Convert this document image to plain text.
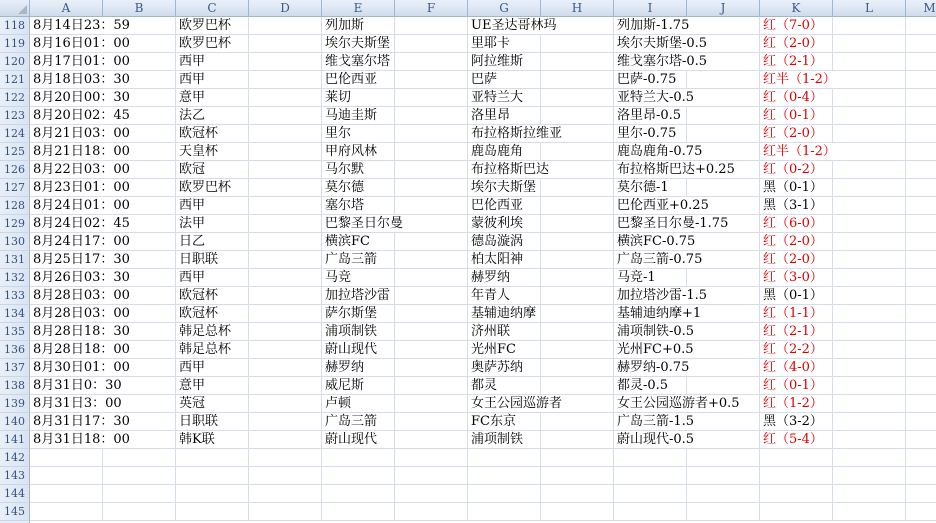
A	B	C	D	E	F	G	H	I	J	K	L	M
118 8月14日23：59	欧罗巴杯	列加斯	UE圣达哥林玛	列加斯-1.75	红（7-0）
119 8月16日01：00	欧罗巴杯	埃尔夫斯堡	里耶卡	埃尔夫斯堡-0.5	红（2-0）
120 8月17日01：00	西甲	维戈塞尔塔	阿拉维斯	维戈塞尔塔-0.5	红（2-1）
121 8月18日03：30	西甲	巴伦西亚	巴萨	巴萨-0.75	红半（1-2）
122 8月20日00：30	意甲	莱切	亚特兰大	亚特兰大-0.5	红（0-4）
123 8月20日02：45	法乙	马迪圭斯	洛里昂	洛里昂-0.5	红（0-1）
124 8月21日03：00	欧冠杯	里尔	布拉格斯拉维亚	里尔-0.75	红（2-0）
125 8月21日18：00	天皇杯	甲府风林	鹿岛鹿角	鹿岛鹿角-0.75	红半（1-2）
126 8月22日03：00	欧冠	马尔默	布拉格斯巴达	布拉格斯巴达+0.25 红（0-2）
127 8月23日01：00	欧罗巴杯	莫尔德	埃尔夫斯堡	莫尔德-1	黑（0-1）
128 8月24日01：00	西甲	塞尔塔	巴伦西亚	巴伦西亚+0.25	黑（3-1）
129 8月24日02：45	法甲	巴黎圣日尔曼	蒙彼利埃	巴黎圣日尔曼-1.75	红（6-0）
130 8月24日17：00	日乙	横滨FC	德岛漩涡	横滨FC-0.75	红（2-0）
131 8月25日17：30	日职联	广岛三箭	柏太阳神	广岛三箭-0.75	红（2-0）
132 8月26日03：30	西甲	马竞	赫罗纳	马竞-1	红（3-0）
133 8月28日03：00	欧冠杯	加拉塔沙雷	年青人	加拉塔沙雷-1.5	黑（0-1）
134 8月28日03：00	欧冠杯	萨尔斯堡	基辅迪纳摩	基辅迪纳摩+1	红（1-1）
135 8月28日18：30	韩足总杯	浦项制铁	济州联	浦项制铁-0.5	红（2-1）
136 8月28日18：00	韩足总杯	蔚山现代	光州FC	光州FC+0.5	红（2-2）
137 8月30日01：00	西甲	赫罗纳	奥萨苏纳	赫罗纳-0.75	红（4-0）
138 8月31日0：30	意甲	威尼斯	都灵	都灵-0.5	红（0-1）
139 8月31日3：00	英冠	卢顿	女王公园巡游者	女王公园巡游者+0.5 红（1-2）
140 8月31日17：30	日职联	广岛三箭	FC东京	广岛三箭-1.5	黑（3-2）
141 8月31日18：00	韩K联	蔚山现代	浦项制铁	蔚山现代-0.5	红（5-4）
142
143
144
145
